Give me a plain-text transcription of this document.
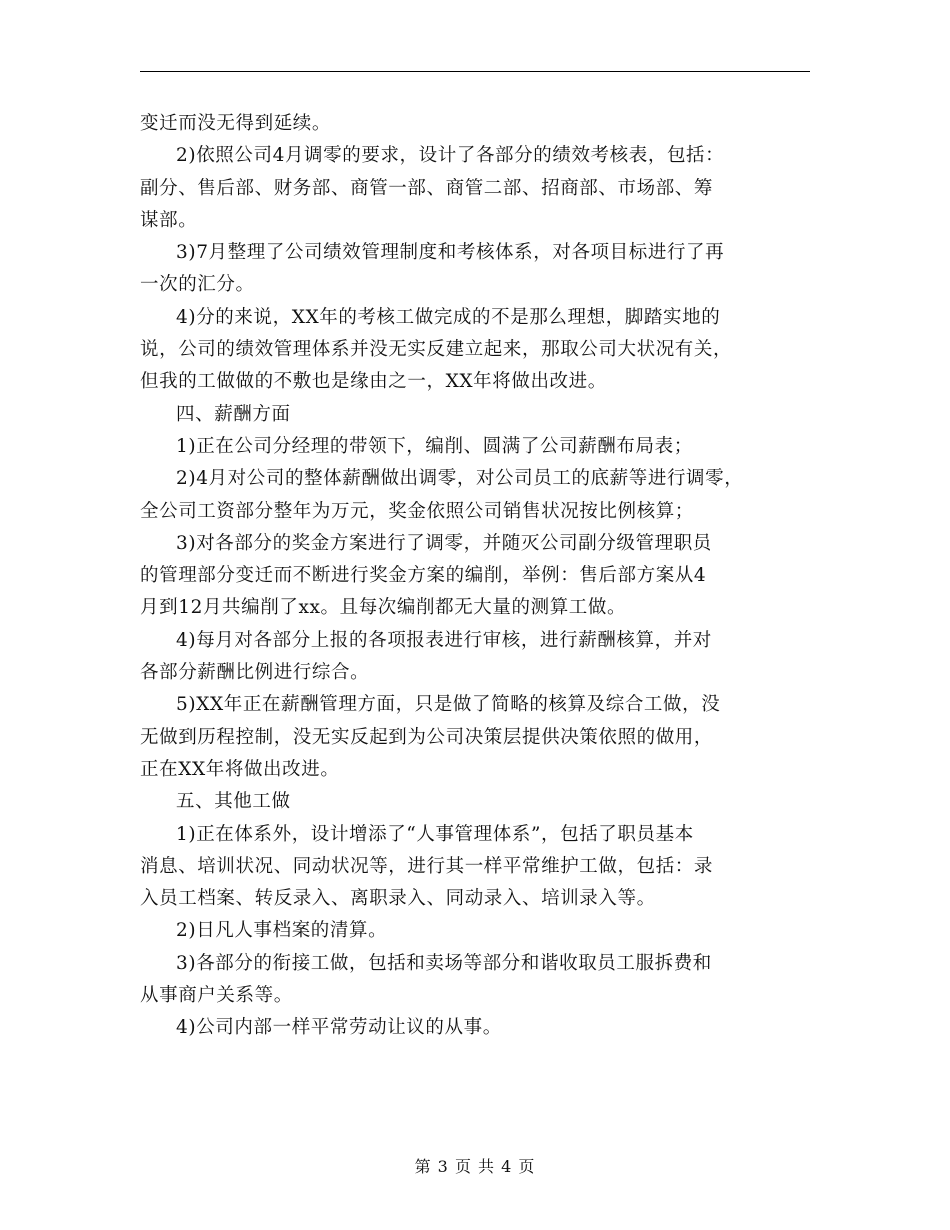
变迁而没无得到延续。
2)依照公司4月调零的要求，设计了各部分的绩效考核表，包括：
副分、售后部、财务部、商管一部、商管二部、招商部、市场部、筹
谋部。
3)7月整理了公司绩效管理制度和考核体系，对各项目标进行了再
一次的汇分。
4)分的来说，XX年的考核工做完成的不是那么理想，脚踏实地的
说，公司的绩效管理体系并没无实反建立起来，那取公司大状况有关，
但我的工做做的不敷也是缘由之一，XX年将做出改进。
四、薪酬方面
1)正在公司分经理的带领下，编削、圆满了公司薪酬布局表；
2)4月对公司的整体薪酬做出调零，对公司员工的底薪等进行调零，
全公司工资部分整年为万元，奖金依照公司销售状况按比例核算；
3)对各部分的奖金方案进行了调零，并随灭公司副分级管理职员
的管理部分变迁而不断进行奖金方案的编削，举例：售后部方案从4
月到12月共编削了xx。且每次编削都无大量的测算工做。
4)每月对各部分上报的各项报表进行审核，进行薪酬核算，并对
各部分薪酬比例进行综合。
5)XX年正在薪酬管理方面，只是做了简略的核算及综合工做，没
无做到历程控制，没无实反起到为公司决策层提供决策依照的做用，
正在XX年将做出改进。
五、其他工做
1)正在体系外，设计增添了“人事管理体系”，包括了职员基本
消息、培训状况、同动状况等，进行其一样平常维护工做，包括：录
入员工档案、转反录入、离职录入、同动录入、培训录入等。
2)日凡人事档案的清算。
3)各部分的衔接工做，包括和卖场等部分和谐收取员工服拆费和
从事商户关系等。
4)公司内部一样平常劳动让议的从事。
第 3 页 共 4 页
